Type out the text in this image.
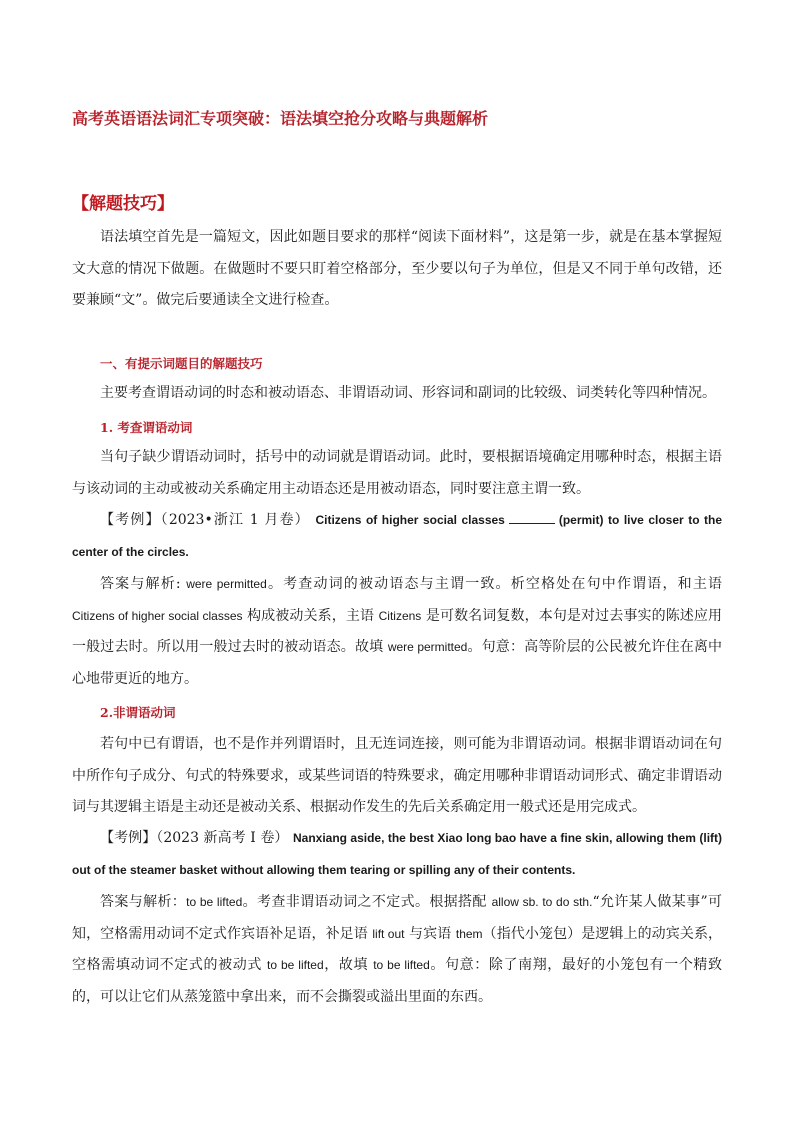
高考英语语法词汇专项突破：语法填空抢分攻略与典题解析
【解题技巧】
语法填空首先是一篇短文，因此如题目要求的那样“阅读下面材料”，这是第一步，就是在基本掌握短文大意的情况下做题。在做题时不要只盯着空格部分，至少要以句子为单位，但是又不同于单句改错，还要兼顾“文”。做完后要通读全文进行检查。
一、有提示词题目的解题技巧
主要考查谓语动词的时态和被动语态、非谓语动词、形容词和副词的比较级、词类转化等四种情况。
1. 考查谓语动词
当句子缺少谓语动词时，括号中的动词就是谓语动词。此时，要根据语境确定用哪种时态，根据主语与该动词的主动或被动关系确定用主动语态还是用被动语态，同时要注意主谓一致。
【考例】（2023•浙江 1 月卷） Citizens of higher social classes	(permit) to live closer to the center of the circles.
答案与解析: were permitted。考查动词的被动语态与主谓一致。析空格处在句中作谓语，和主语 Citizens of higher social classes 构成被动关系，主语 Citizens 是可数名词复数，本句是对过去事实的陈述应用一般过去时。所以用一般过去时的被动语态。故填 were permitted。句意：高等阶层的公民被允许住在离中心地带更近的地方。
2.非谓语动词
若句中已有谓语，也不是作并列谓语时，且无连词连接，则可能为非谓语动词。根据非谓语动词在句中所作句子成分、句式的特殊要求，或某些词语的特殊要求，确定用哪种非谓语动词形式、确定非谓语动词与其逻辑主语是主动还是被动关系、根据动作发生的先后关系确定用一般式还是用完成式。
【考例】（2023 新高考 I 卷） Nanxiang aside, the best Xiao long bao have a fine skin, allowing them (lift) out of the steamer basket without allowing them tearing or spilling any of their contents.
答案与解析：to be lifted。考查非谓语动词之不定式。根据搭配 allow sb. to do sth.“允许某人做某事”可知，空格需用动词不定式作宾语补足语，补足语 lift out 与宾语 them（指代小笼包）是逻辑上的动宾关系，空格需填动词不定式的被动式 to be lifted，故填 to be lifted。句意：除了南翔，最好的小笼包有一个精致的，可以让它们从蒸笼篮中拿出来，而不会撕裂或溢出里面的东西。
